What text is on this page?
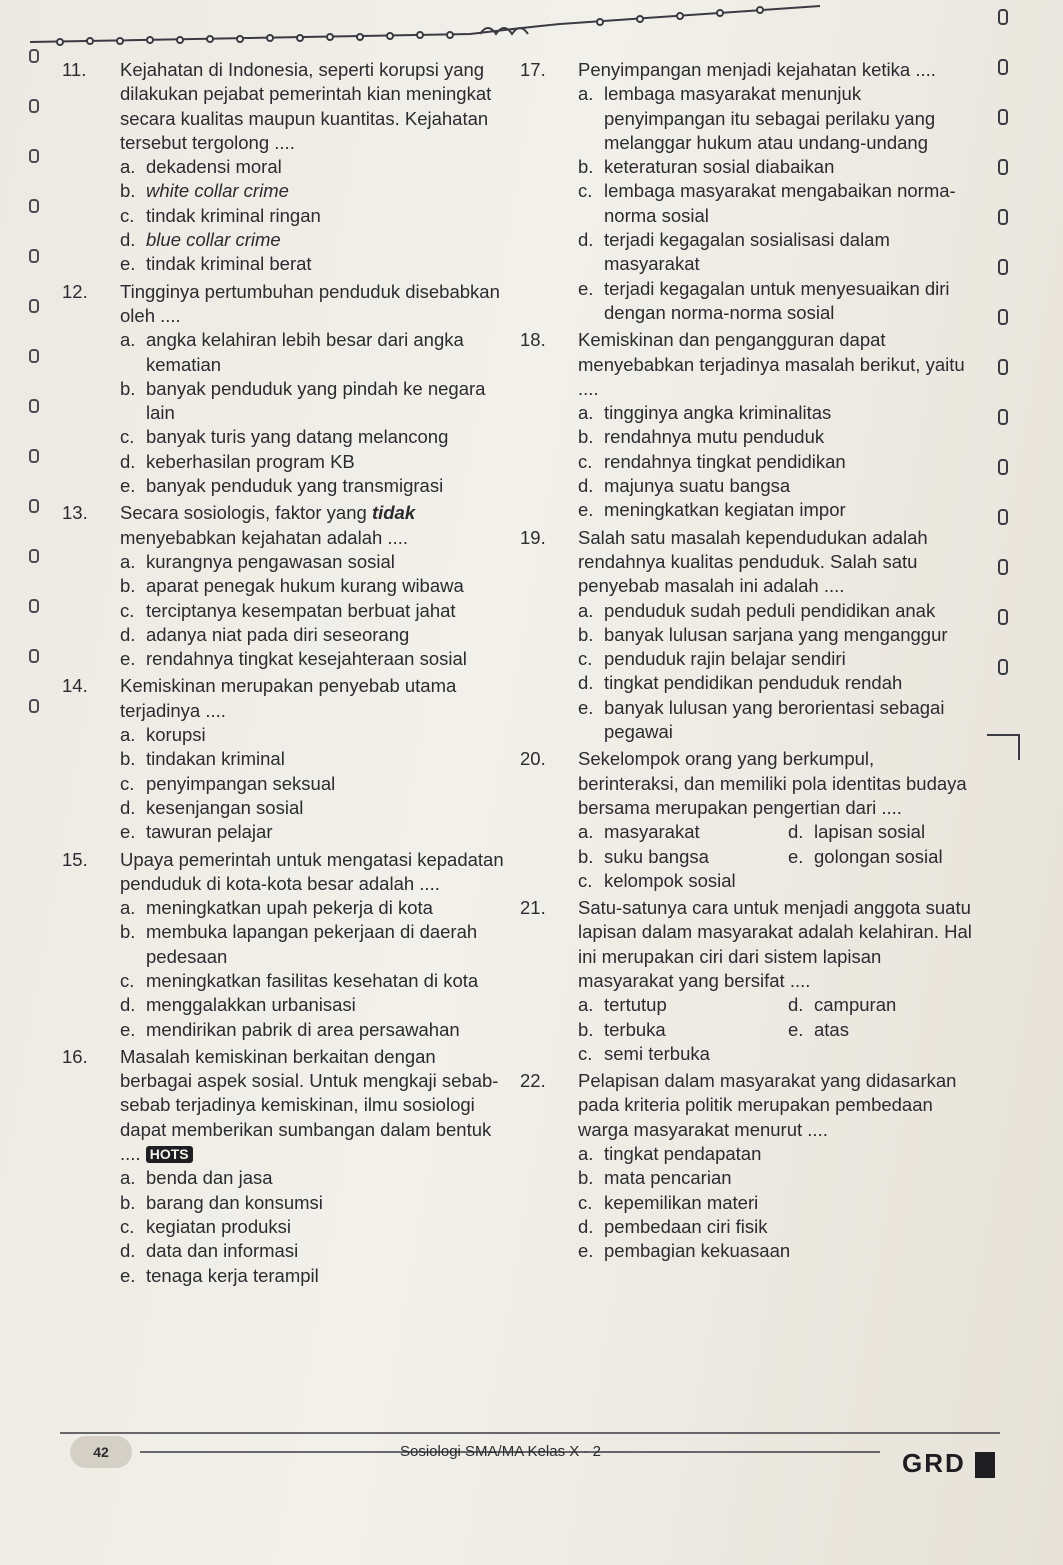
11. Kejahatan di Indonesia, seperti korupsi yang dilakukan pejabat pemerintah kian meningkat secara kualitas maupun kuantitas. Kejahatan tersebut tergolong ....
a. dekadensi moral
b. white collar crime
c. tindak kriminal ringan
d. blue collar crime
e. tindak kriminal berat
12. Tingginya pertumbuhan penduduk disebabkan oleh ....
a. angka kelahiran lebih besar dari angka kematian
b. banyak penduduk yang pindah ke negara lain
c. banyak turis yang datang melancong
d. keberhasilan program KB
e. banyak penduduk yang transmigrasi
13. Secara sosiologis, faktor yang tidak menyebabkan kejahatan adalah ....
a. kurangnya pengawasan sosial
b. aparat penegak hukum kurang wibawa
c. terciptanya kesempatan berbuat jahat
d. adanya niat pada diri seseorang
e. rendahnya tingkat kesejahteraan sosial
14. Kemiskinan merupakan penyebab utama terjadinya ....
a. korupsi
b. tindakan kriminal
c. penyimpangan seksual
d. kesenjangan sosial
e. tawuran pelajar
15. Upaya pemerintah untuk mengatasi kepadatan penduduk di kota-kota besar adalah ....
a. meningkatkan upah pekerja di kota
b. membuka lapangan pekerjaan di daerah pedesaan
c. meningkatkan fasilitas kesehatan di kota
d. menggalakkan urbanisasi
e. mendirikan pabrik di area persawahan
16. Masalah kemiskinan berkaitan dengan berbagai aspek sosial. Untuk mengkaji sebab-sebab terjadinya kemiskinan, ilmu sosiologi dapat memberikan sumbangan dalam bentuk .... HOTS
a. benda dan jasa
b. barang dan konsumsi
c. kegiatan produksi
d. data dan informasi
e. tenaga kerja terampil
17. Penyimpangan menjadi kejahatan ketika ....
a. lembaga masyarakat menunjuk penyimpangan itu sebagai perilaku yang melanggar hukum atau undang-undang
b. keteraturan sosial diabaikan
c. lembaga masyarakat mengabaikan norma-norma sosial
d. terjadi kegagalan sosialisasi dalam masyarakat
e. terjadi kegagalan untuk menyesuaikan diri dengan norma-norma sosial
18. Kemiskinan dan pengangguran dapat menyebabkan terjadinya masalah berikut, yaitu ....
a. tingginya angka kriminalitas
b. rendahnya mutu penduduk
c. rendahnya tingkat pendidikan
d. majunya suatu bangsa
e. meningkatkan kegiatan impor
19. Salah satu masalah kependudukan adalah rendahnya kualitas penduduk. Salah satu penyebab masalah ini adalah ....
a. penduduk sudah peduli pendidikan anak
b. banyak lulusan sarjana yang menganggur
c. penduduk rajin belajar sendiri
d. tingkat pendidikan penduduk rendah
e. banyak lulusan yang berorientasi sebagai pegawai
20. Sekelompok orang yang berkumpul, berinteraksi, dan memiliki pola identitas budaya bersama merupakan pengertian dari ....
a. masyarakat	d. lapisan sosial
b. suku bangsa	e. golongan sosial
c. kelompok sosial
21. Satu-satunya cara untuk menjadi anggota suatu lapisan dalam masyarakat adalah kelahiran. Hal ini merupakan ciri dari sistem lapisan masyarakat yang bersifat ....
a. tertutup	d. campuran
b. terbuka	e. atas
c. semi terbuka
22. Pelapisan dalam masyarakat yang didasarkan pada kriteria politik merupakan pembedaan warga masyarakat menurut ....
a. tingkat pendapatan
b. mata pencarian
c. kepemilikan materi
d. pembedaan ciri fisik
e. pembagian kekuasaan
42	Sosiologi SMA/MA Kelas X - 2	GRD
